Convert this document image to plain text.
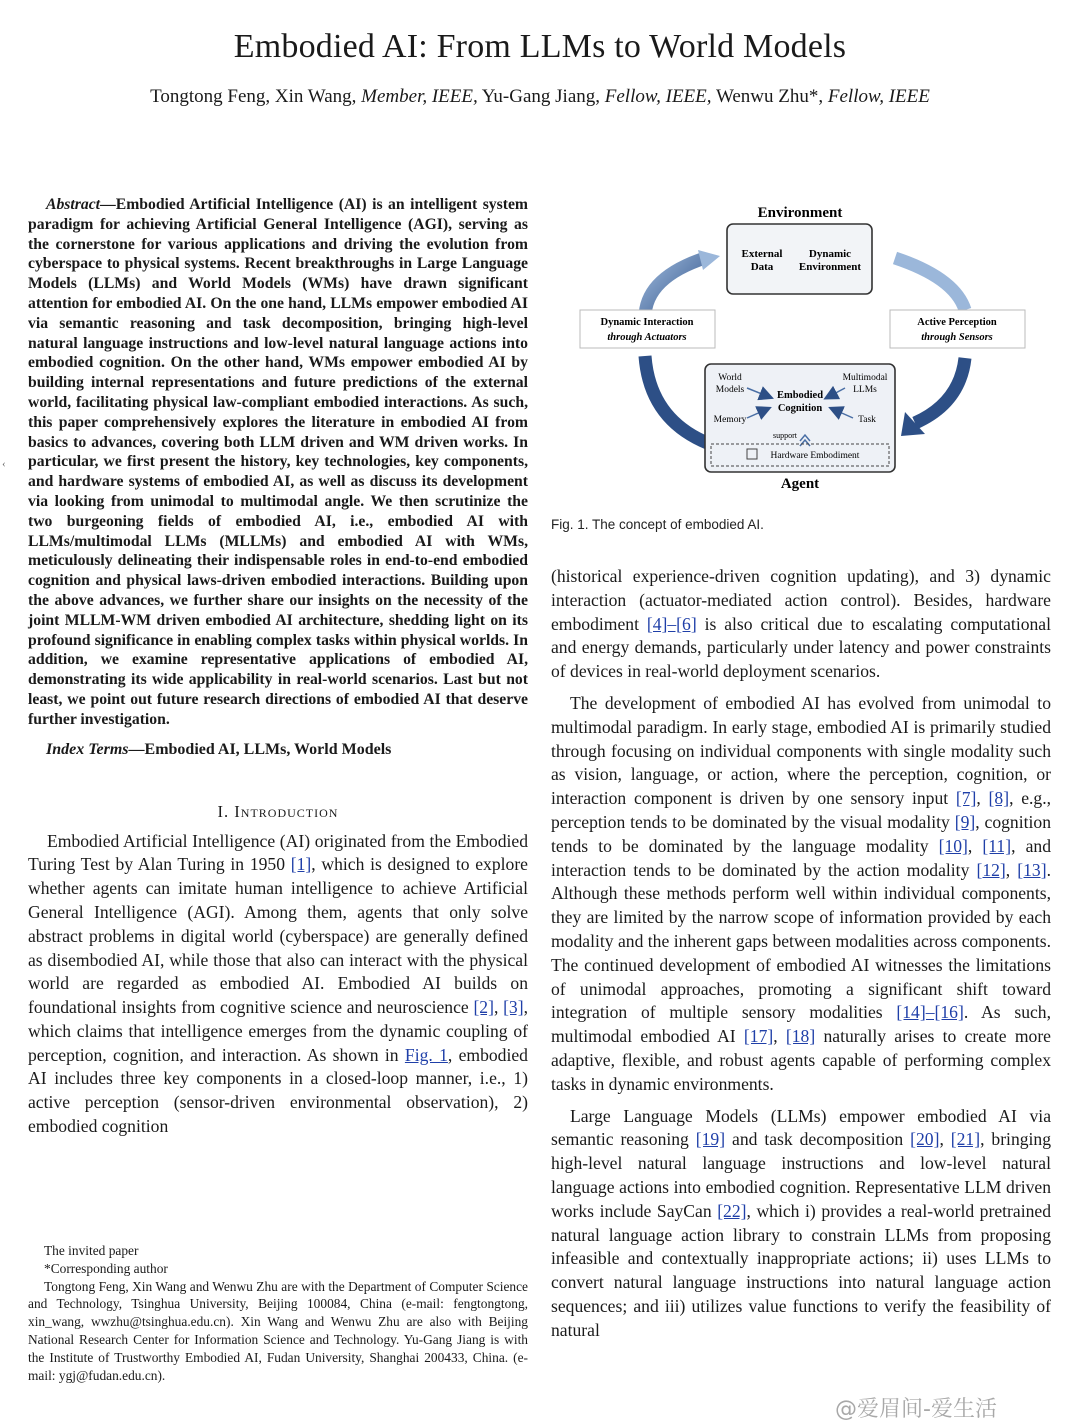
Embodied AI: From LLMs to World Models
Tongtong Feng, Xin Wang, Member, IEEE, Yu-Gang Jiang, Fellow, IEEE, Wenwu Zhu*, Fellow, IEEE
‹

Abstract—Embodied Artificial Intelligence (AI) is an intelligent system paradigm for achieving Artificial General Intelligence (AGI), serving as the cornerstone for various applications and driving the evolution from cyberspace to physical systems. Recent breakthroughs in Large Language Models (LLMs) and World Models (WMs) have drawn significant attention for embodied AI. On the one hand, LLMs empower embodied AI via semantic reasoning and task decomposition, bringing high-level natural language instructions and low-level natural language actions into embodied cognition. On the other hand, WMs empower embodied AI by building internal representations and future predictions of the external world, facilitating physical law-compliant embodied interactions. As such, this paper comprehensively explores the literature in embodied AI from basics to advances, covering both LLM driven and WM driven works. In particular, we first present the history, key technologies, key components, and hardware systems of embodied AI, as well as discuss its development via looking from unimodal to multimodal angle. We then scrutinize the two burgeoning fields of embodied AI, i.e., embodied AI with LLMs/multimodal LLMs (MLLMs) and embodied AI with WMs, meticulously delineating their indispensable roles in end-to-end embodied cognition and physical laws-driven embodied interactions. Building upon the above advances, we further share our insights on the necessity of the joint MLLM-WM driven embodied AI architecture, shedding light on its profound significance in enabling complex tasks within physical worlds. In addition, we examine representative applications of embodied AI, demonstrating its wide applicability in real-world scenarios. Last but not least, we point out future research directions of embodied AI that deserve further investigation.

Index Terms—Embodied AI, LLMs, World Models

I. Introduction

Embodied Artificial Intelligence (AI) originated from the Embodied Turing Test by Alan Turing in 1950 [1], which is designed to explore whether agents can imitate human intelligence to achieve Artificial General Intelligence (AGI). Among them, agents that only solve abstract problems in digital world (cyberspace) are generally defined as disembodied AI, while those that also can interact with the physical world are regarded as embodied AI. Embodied AI builds on foundational insights from cognitive science and neuroscience [2], [3], which claims that intelligence emerges from the dynamic coupling of perception, cognition, and interaction. As shown in Fig. 1, embodied AI includes three key components in a closed-loop manner, i.e., 1) active perception (sensor-driven environmental observation), 2) embodied cognition

The invited paper

*Corresponding author

Tongtong Feng, Xin Wang and Wenwu Zhu are with the Department of Computer Science and Technology, Tsinghua University, Beijing 100084, China (e-mail: fengtongtong, xin_wang, wwzhu@tsinghua.edu.cn). Xin Wang and Wenwu Zhu are also with Beijing National Research Center for Information Science and Technology. Yu-Gang Jiang is with the Institute of Trustworthy Embodied AI, Fudan University, Shanghai 200433, China. (e-mail: ygj@fudan.edu.cn).

Environment
External
Data
Dynamic
Environment
Dynamic Interaction
through Actuators
Active Perception
through Sensors
World
Models
Multimodal
LLMs
Embodied
Cognition
Memory	Task
support
Hardware Embodiment
Agent
Fig. 1. The concept of embodied AI.

(historical experience-driven cognition updating), and 3) dynamic interaction (actuator-mediated action control). Besides, hardware embodiment [4]–[6] is also critical due to escalating computational and energy demands, particularly under latency and power constraints of devices in real-world deployment scenarios.

The development of embodied AI has evolved from unimodal to multimodal paradigm. In early stage, embodied AI is primarily studied through focusing on individual components with single modality such as vision, language, or action, where the perception, cognition, or interaction component is driven by one sensory input [7], [8], e.g., perception tends to be dominated by the visual modality [9], cognition tends to be dominated by the language modality [10], [11], and interaction tends to be dominated by the action modality [12], [13]. Although these methods perform well within individual components, they are limited by the narrow scope of information provided by each modality and the inherent gaps between modalities across components. The continued development of embodied AI witnesses the limitations of unimodal approaches, promoting a significant shift toward integration of multiple sensory modalities [14]–[16]. As such, multimodal embodied AI [17], [18] naturally arises to create more adaptive, flexible, and robust agents capable of performing complex tasks in dynamic environments.

Large Language Models (LLMs) empower embodied AI via semantic reasoning [19] and task decomposition [20], [21], bringing high-level natural language instructions and low-level natural language actions into embodied cognition. Representative LLM driven works include SayCan [22], which i) provides a real-world pretrained natural language action library to constrain LLMs from proposing infeasible and contextually inappropriate actions; ii) uses LLMs to convert natural language instructions into natural language action sequences; and iii) utilizes value functions to verify the feasibility of natural

@爱眉间-爱生活
